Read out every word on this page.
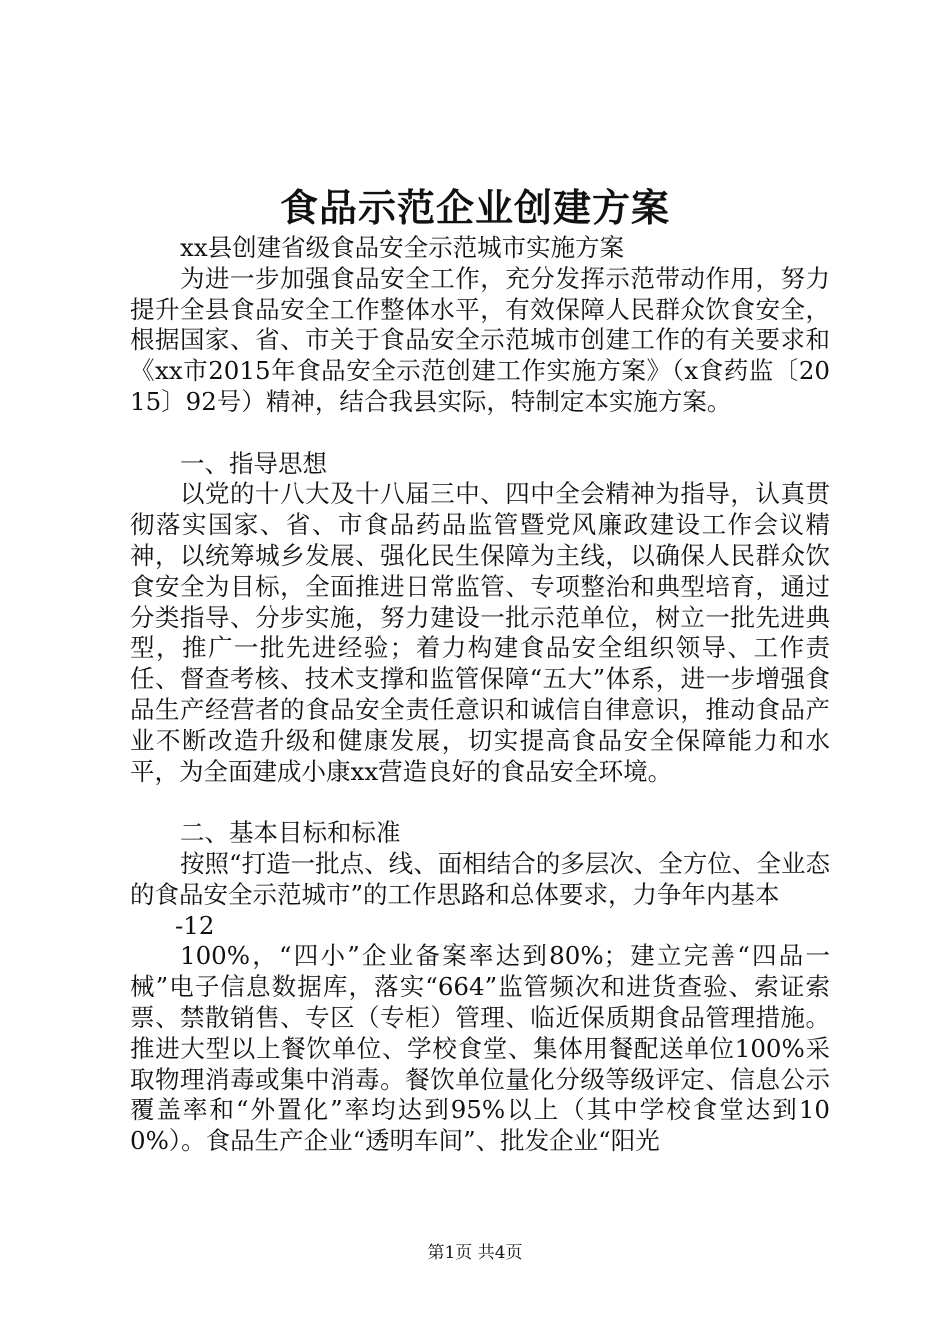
食品示范企业创建方案

xx县创建省级食品安全示范城市实施方案

为进一步加强食品安全工作，充分发挥示范带动作用，努力提升全县食品安全工作整体水平，有效保障人民群众饮食安全，根据国家、省、市关于食品安全示范城市创建工作的有关要求和《xx市2015年食品安全示范创建工作实施方案》（x食药监〔2015〕92号）精神，结合我县实际，特制定本实施方案。

一、指导思想

以党的十八大及十八届三中、四中全会精神为指导，认真贯彻落实国家、省、市食品药品监管暨党风廉政建设工作会议精神，以统筹城乡发展、强化民生保障为主线，以确保人民群众饮食安全为目标，全面推进日常监管、专项整治和典型培育，通过分类指导、分步实施，努力建设一批示范单位，树立一批先进典型，推广一批先进经验；着力构建食品安全组织领导、工作责任、督查考核、技术支撑和监管保障“五大”体系，进一步增强食品生产经营者的食品安全责任意识和诚信自律意识，推动食品产业不断改造升级和健康发展，切实提高食品安全保障能力和水平，为全面建成小康xx营造良好的食品安全环境。

二、基本目标和标准

按照“打造一批点、线、面相结合的多层次、全方位、全业态的食品安全示范城市”的工作思路和总体要求，力争年内基本

-12

100%，“四小”企业备案率达到80%；建立完善“四品一械”电子信息数据库，落实“664”监管频次和进货查验、索证索票、禁散销售、专区（专柜）管理、临近保质期食品管理措施。推进大型以上餐饮单位、学校食堂、集体用餐配送单位100%采取物理消毒或集中消毒。餐饮单位量化分级等级评定、信息公示覆盖率和“外置化”率均达到95%以上（其中学校食堂达到100%）。食品生产企业“透明车间”、批发企业“阳光

第1页 共4页
